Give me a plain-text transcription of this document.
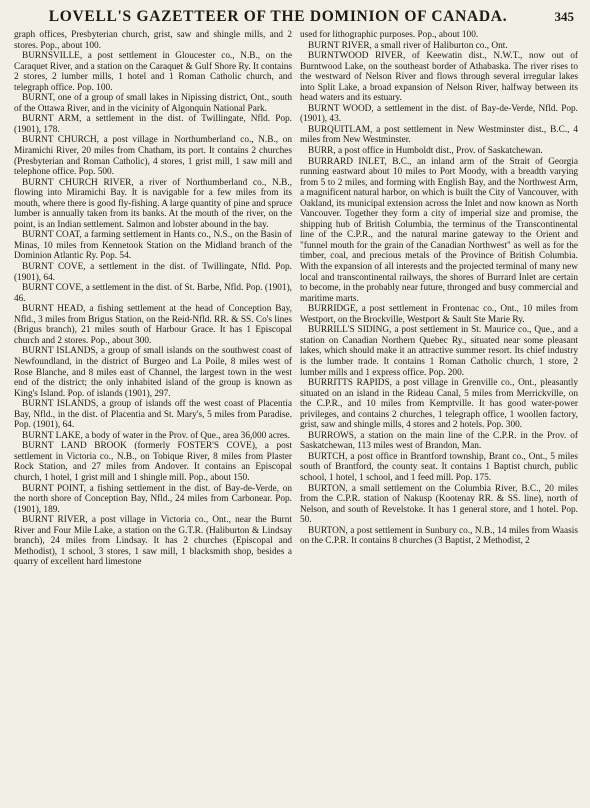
LOVELL'S GAZETTEER OF THE DOMINION OF CANADA.	345

graph offices, Presbyterian church, grist, saw and shingle mills, and 2 stores. Pop., about 100.

BURNSVILLE, a post settlement in Gloucester co., N.B., on the Caraquet River, and a station on the Caraquet & Gulf Shore Ry. It contains 2 stores, 2 lumber mills, 1 hotel and 1 Roman Catholic church, and telegraph office. Pop. 100.

BURNT, one of a group of small lakes in Nipissing district, Ont., south of the Ottawa River, and in the vicinity of Algonquin National Park.

BURNT ARM, a settlement in the dist. of Twillingate, Nfld. Pop. (1901), 178.

BURNT CHURCH, a post village in Northumberland co., N.B., on Miramichi River, 20 miles from Chatham, its port. It contains 2 churches (Presbyterian and Roman Catholic), 4 stores, 1 grist mill, 1 saw mill and telephone office. Pop. 500.

BURNT CHURCH RIVER, a river of Northumberland co., N.B., flowing into Miramichi Bay. It is navigable for a few miles from its mouth, where there is good fly-fishing. A large quantity of pine and spruce lumber is annually taken from its banks. At the mouth of the river, on the point, is an Indian settlement. Salmon and lobster abound in the bay.

BURNT COAT, a farming settlement in Hants co., N.S., on the Basin of Minas, 10 miles from Kennetook Station on the Midland branch of the Dominion Atlantic Ry. Pop. 54.

BURNT COVE, a settlement in the dist. of Twillingate, Nfld. Pop. (1901), 64.

BURNT COVE, a settlement in the dist. of St. Barbe, Nfld. Pop. (1901), 46.

BURNT HEAD, a fishing settlement at the head of Conception Bay, Nfld., 3 miles from Brigus Station, on the Reid-Nfld. RR. & SS. Co's lines (Brigus branch), 21 miles south of Harbour Grace. It has 1 Episcopal church and 2 stores. Pop., about 300.

BURNT ISLANDS, a group of small islands on the southwest coast of Newfoundland, in the district of Burgeo and La Poile, 8 miles west of Rose Blanche, and 8 miles east of Channel, the largest town in the west end of the district; the only inhabited island of the group is known as King's Island. Pop. of islands (1901), 297.

BURNT ISLANDS, a group of islands off the west coast of Placentia Bay, Nfld., in the dist. of Placentia and St. Mary's, 5 miles from Paradise. Pop. (1901), 64.

BURNT LAKE, a body of water in the Prov. of Que., area 36,000 acres.

BURNT LAND BROOK (formerly FOSTER'S COVE), a post settlement in Victoria co., N.B., on Tobique River, 8 miles from Plaster Rock Station, and 27 miles from Andover. It contains an Episcopal church, 1 hotel, 1 grist mill and 1 shingle mill. Pop., about 150.

BURNT POINT, a fishing settlement in the dist. of Bay-de-Verde, on the north shore of Conception Bay, Nfld., 24 miles from Carbonear. Pop. (1901), 189.

BURNT RIVER, a post village in Victoria co., Ont., near the Burnt River and Four Mile Lake, a station on the G.T.R. (Haliburton & Lindsay branch), 24 miles from Lindsay. It has 2 churches (Episcopal and Methodist), 1 school, 3 stores, 1 saw mill, 1 blacksmith shop, besides a quarry of excellent hard limestone

used for lithographic purposes. Pop., about 100.

BURNT RIVER, a small river of Haliburton co., Ont.

BURNTWOOD RIVER, of Keewatin dist., N.W.T., now out of Burntwood Lake, on the southeast border of Athabaska. The river rises to the westward of Nelson River and flows through several irregular lakes into Split Lake, a broad expansion of Nelson River, halfway between its head waters and its estuary.

BURNT WOOD, a settlement in the dist. of Bay-de-Verde, Nfld. Pop. (1901), 43.

BURQUITLAM, a post settlement in New Westminster dist., B.C., 4 miles from New Westminster.

BURR, a post office in Humboldt dist., Prov. of Saskatchewan.

BURRARD INLET, B.C., an inland arm of the Strait of Georgia running eastward about 10 miles to Port Moody, with a breadth varying from 5 to 2 miles, and forming with English Bay, and the Northwest Arm, a magnificent natural harbor, on which is built the City of Vancouver, with Oakland, its municipal extension across the Inlet and now known as North Vancouver. Together they form a city of imperial size and promise, the shipping hub of British Columbia, the terminus of the Transcontinental line of the C.P.R., and the natural marine gateway to the Orient and "funnel mouth for the grain of the Canadian Northwest" as well as for the timber, coal, and precious metals of the Province of British Columbia. With the expansion of all interests and the projected terminal of many new local and transcontinental railways, the shores of Burrard Inlet are certain to become, in the probably near future, thronged and busy commercial and maritime marts.

BURRIDGE, a post settlement in Frontenac co., Ont., 10 miles from Westport, on the Brockville, Westport & Sault Ste Marie Ry.

BURRILL'S SIDING, a post settlement in St. Maurice co., Que., and a station on Canadian Northern Quebec Ry., situated near some pleasant lakes, which should make it an attractive summer resort. Its chief industry is the lumber trade. It contains 1 Roman Catholic church, 1 store, 2 lumber mills and 1 express office. Pop. 200.

BURRITTS RAPIDS, a post village in Grenville co., Ont., pleasantly situated on an island in the Rideau Canal, 5 miles from Merrickville, on the C.P.R., and 10 miles from Kemptville. It has good water-power privileges, and contains 2 churches, 1 telegraph office, 1 woollen factory, grist, saw and shingle mills, 4 stores and 2 hotels. Pop. 300.

BURROWS, a station on the main line of the C.P.R. in the Prov. of Saskatchewan, 113 miles west of Brandon, Man.

BURTCH, a post office in Brantford township, Brant co., Ont., 5 miles south of Brantford, the county seat. It contains 1 Baptist church, public school, 1 hotel, 1 school, and 1 feed mill. Pop. 175.

BURTON, a small settlement on the Columbia River, B.C., 20 miles from the C.P.R. station of Nakusp (Kootenay RR. & SS. line), north of Nelson, and south of Revelstoke. It has 1 general store, and 1 hotel. Pop. 50.

BURTON, a post settlement in Sunbury co., N.B., 14 miles from Waasis on the C.P.R. It contains 8 churches (3 Baptist, 2 Methodist, 2
